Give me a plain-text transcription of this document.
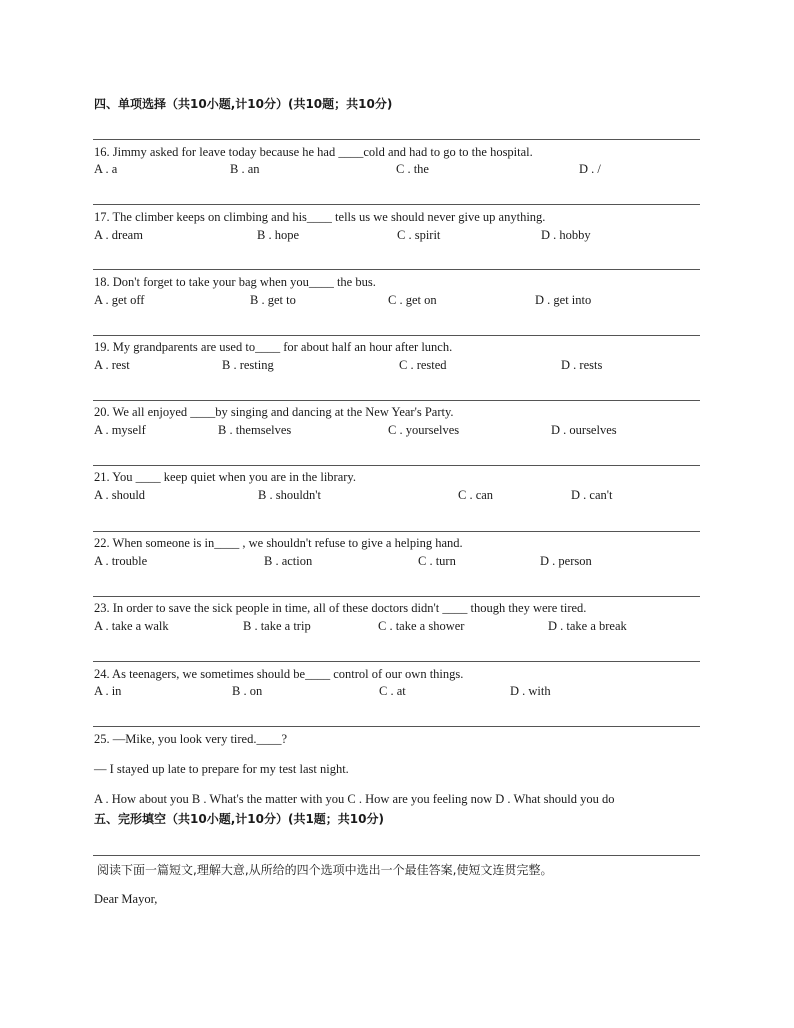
四、单项选择（共10小题,计10分）(共10题；共10分)
16. Jimmy asked for leave today because he had ____cold and had to go to the hospital.
A . a	B . an	C . the	D . /
17. The climber keeps on climbing and his____ tells us we should never give up anything.
A . dream	B . hope	C . spirit	D . hobby
18. Don't forget to take your bag when you____ the bus.
A . get off	B . get to	C . get on	D . get into
19. My grandparents are used to____ for about half an hour after lunch.
A . rest	B . resting	C . rested	D . rests
20. We all enjoyed ____by singing and dancing at the New Year's Party.
A . myself	B . themselves	C . yourselves	D . ourselves
21. You ____ keep quiet when you are in the library.
A . should	B . shouldn't	C . can	D . can't
22. When someone is in____ , we shouldn't refuse to give a helping hand.
A . trouble	B . action	C . turn	D . person
23. In order to save the sick people in time, all of these doctors didn't ____ though they were tired.
A . take a walk	B . take a trip	C . take a shower	D . take a break
24. As teenagers, we sometimes should be____ control of our own things.
A . in	B . on	C . at	D . with
25. —Mike, you look very tired.____?
— I stayed up late to prepare for my test last night.
A . How about you B . What's the matter with you C . How are you feeling now D . What should you do
五、完形填空（共10小题,计10分）(共1题；共10分)
阅读下面一篇短文,理解大意,从所给的四个选项中选出一个最佳答案,使短文连贯完整。
Dear Mayor,
